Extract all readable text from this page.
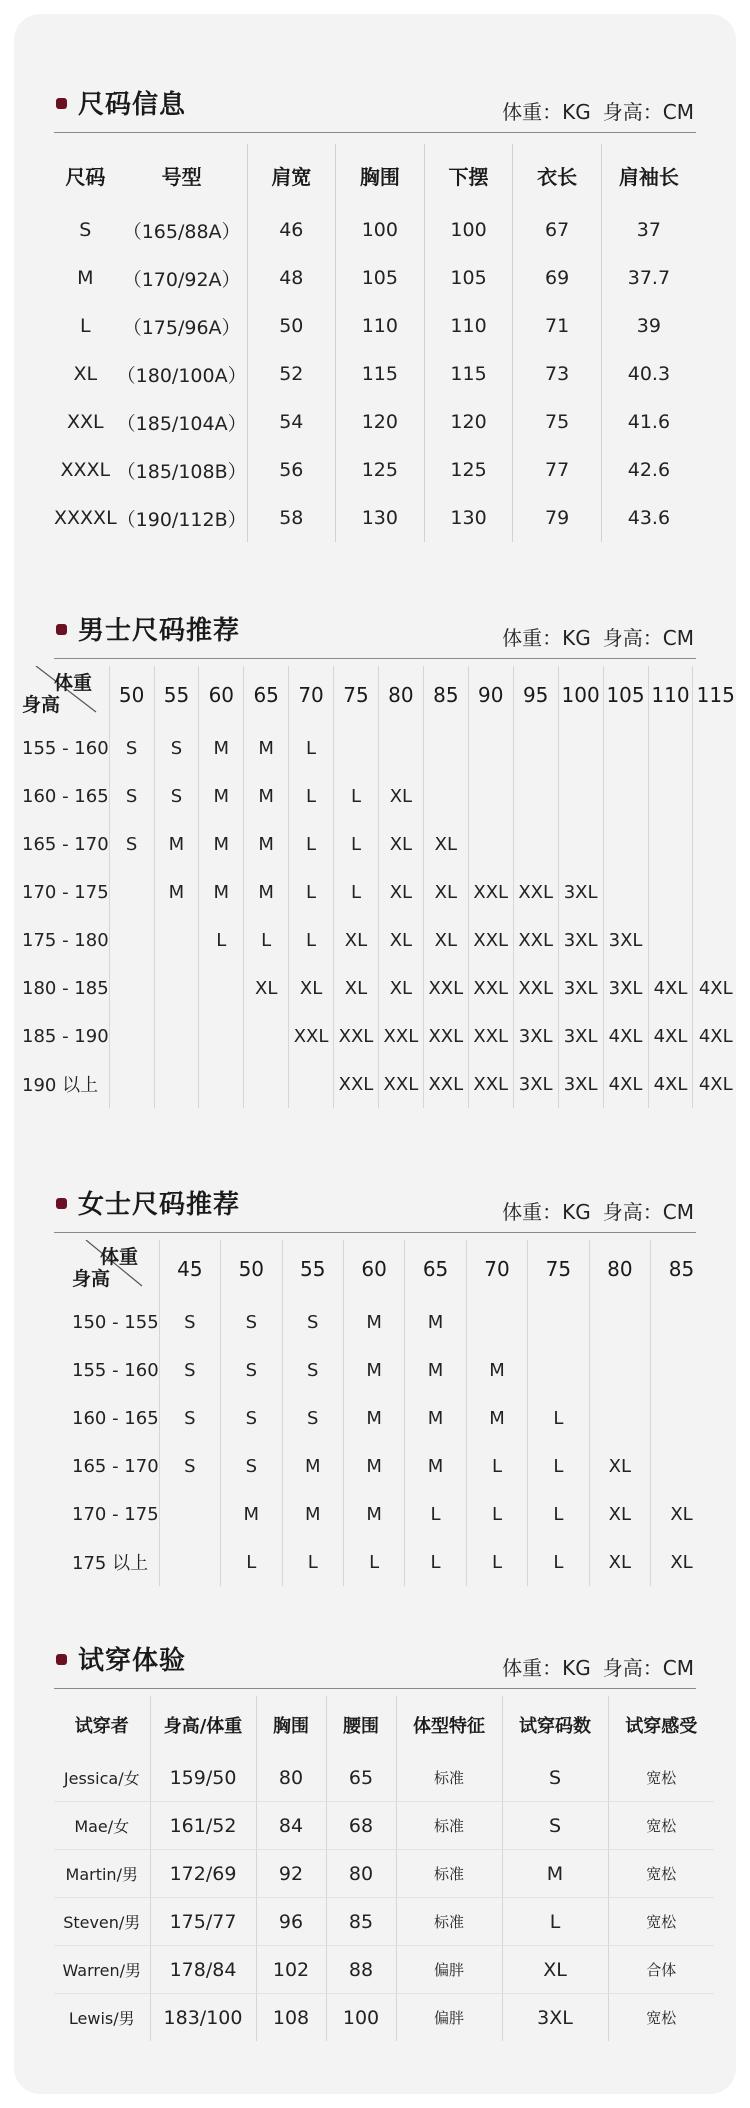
尺码信息	体重：KG 身高：CM
尺码	号型	肩宽	胸围	下摆	衣长	肩袖长
S	（165/88A）	46	100	100	67	37
M	（170/92A）	48	105	105	69	37.7
L	（175/96A）	50	110	110	71	39
XL	（180/100A）	52	115	115	73	40.3
XXL	（185/104A）	54	120	120	75	41.6
XXXL	（185/108B）	56	125	125	77	42.6
XXXXL	（190/112B）	58	130	130	79	43.6
男士尺码推荐	体重：KG 身高：CM
体重
身高	50	55	60	65	70	75	80	85	90	95	100	105	110	115
155 - 160	S	S	M	M	L									
160 - 165	S	S	M	M	L	L	XL							
165 - 170	S	M	M	M	L	L	XL	XL						
170 - 175		M	M	M	L	L	XL	XL	XXL	XXL	3XL			
175 - 180			L	L	L	XL	XL	XL	XXL	XXL	3XL	3XL		
180 - 185				XL	XL	XL	XL	XXL	XXL	XXL	3XL	3XL	4XL	4XL
185 - 190					XXL	XXL	XXL	XXL	XXL	3XL	3XL	4XL	4XL	4XL
190 以上						XXL	XXL	XXL	XXL	3XL	3XL	4XL	4XL	4XL
女士尺码推荐	体重：KG 身高：CM
体重
身高	45	50	55	60	65	70	75	80	85
150 - 155	S	S	S	M	M				
155 - 160	S	S	S	M	M	M			
160 - 165	S	S	S	M	M	M	L		
165 - 170	S	S	M	M	M	L	L	XL	
170 - 175		M	M	M	L	L	L	XL	XL
175 以上		L	L	L	L	L	L	XL	XL
试穿体验	体重：KG 身高：CM
试穿者	身高/体重	胸围	腰围	体型特征	试穿码数	试穿感受
Jessica/女	159/50	80	65	标准	S	宽松
Mae/女	161/52	84	68	标准	S	宽松
Martin/男	172/69	92	80	标准	M	宽松
Steven/男	175/77	96	85	标准	L	宽松
Warren/男	178/84	102	88	偏胖	XL	合体
Lewis/男	183/100	108	100	偏胖	3XL	宽松
